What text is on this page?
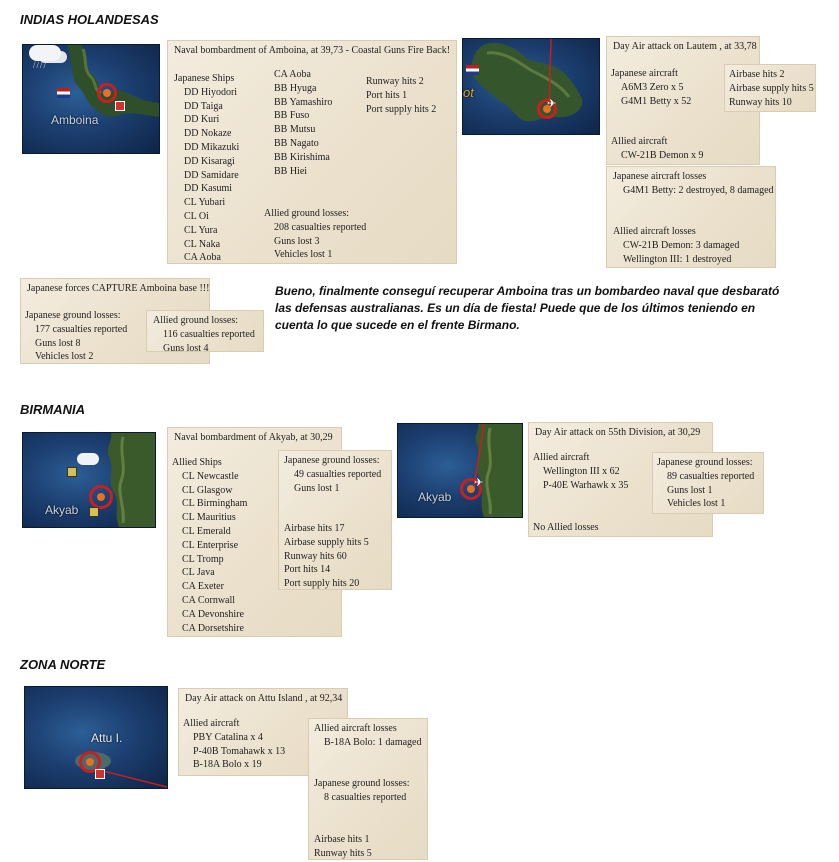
INDIAS HOLANDESAS
BIRMANIA
ZONA NORTE
////
Amboina
Naval bombardment of Amboina, at 39,73 - Coastal Guns Fire Back!
Japanese Ships
DD Hiyodori
DD Taiga
DD Kuri
DD Nokaze
DD Mikazuki
DD Kisaragi
DD Samidare
DD Kasumi
CL Yubari
CL Oi
CL Yura
CL Naka
CA Aoba
CA Aoba
BB Hyuga
BB Yamashiro
BB Fuso
BB Mutsu
BB Nagato
BB Kirishima
BB Hiei
Runway hits 2
Port hits 1
Port supply hits 2
Allied ground losses:
208 casualties reported
Guns lost 3
Vehicles lost 1
✈
ot
Day Air attack on Lautem , at 33,78
Japanese aircraft
A6M3 Zero x 5
G4M1 Betty x 52
Allied aircraft
CW-21B Demon x 9
Airbase hits 2
Airbase supply hits 5
Runway hits 10
Japanese aircraft losses
G4M1 Betty: 2 destroyed, 8 damaged
Allied aircraft losses
CW-21B Demon: 3 damaged
Wellington III: 1 destroyed
Japanese forces CAPTURE Amboina base !!!
Japanese ground losses:
177 casualties reported
Guns lost 8
Vehicles lost 2
Allied ground losses:
116 casualties reported
Guns lost 4
Bueno, finalmente conseguí recuperar Amboina tras un bombardeo naval que desbarató las defensas australianas. Es un día de fiesta! Puede que de los últimos teniendo en cuenta lo que sucede en el frente Birmano.
Akyab
Naval bombardment of Akyab, at 30,29
Allied Ships
CL Newcastle
CL Glasgow
CL Birmingham
CL Mauritius
CL Emerald
CL Enterprise
CL Tromp
CL Java
CA Exeter
CA Cornwall
CA Devonshire
CA Dorsetshire
Japanese ground losses:
49 casualties reported
Guns lost 1
Airbase hits 17
Airbase supply hits 5
Runway hits 60
Port hits 14
Port supply hits 20
✈
Akyab
Day Air attack on 55th Division, at 30,29
Allied aircraft
Wellington III x 62
P-40E Warhawk x 35
No Allied losses
Japanese ground losses:
89 casualties reported
Guns lost 1
Vehicles lost 1
Attu I.
Day Air attack on Attu Island , at 92,34
Allied aircraft
PBY Catalina x 4
P-40B Tomahawk x 13
B-18A Bolo x 19
Allied aircraft losses
B-18A Bolo: 1 damaged
Japanese ground losses:
8 casualties reported
Airbase hits 1
Runway hits 5
